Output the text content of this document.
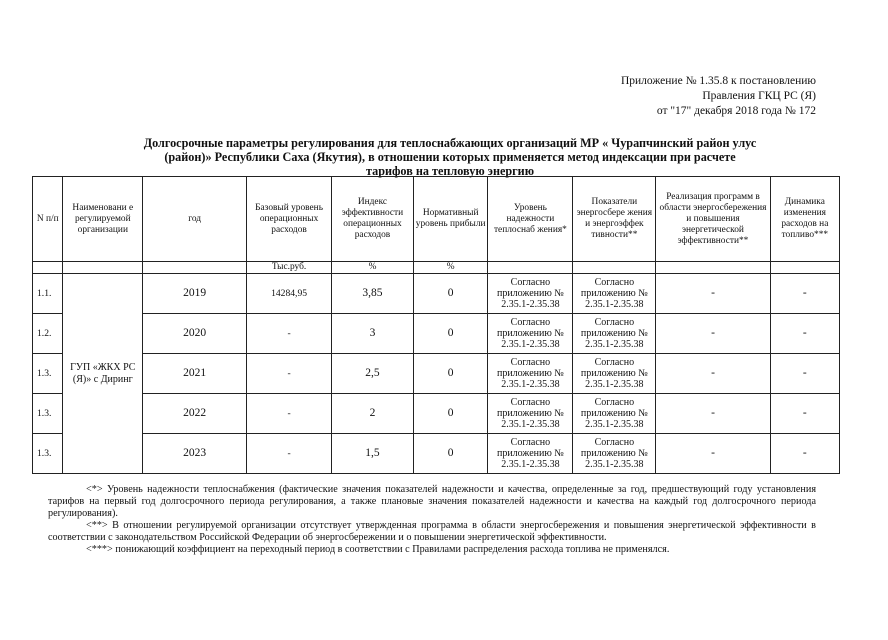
Приложение № 1.35.8 к постановлению
Правления ГКЦ РС (Я)
от "17" декабря 2018 года № 172
Долгосрочные параметры регулирования для теплоснабжающих организаций МР « Чурапчинский район улус
(район)» Республики Саха (Якутия), в отношении которых применяется метод индексации при расчете
тарифов на тепловую энергию
N п/п	Наименовани е регулируемой организации	год	Базовый уровень операционных расходов	Индекс эффективности операционных расходов	Нормативный уровень прибыли	Уровень надежности теплоснаб жения*	Показатели энергосбере жения и энергоэффек тивности**	Реализация программ в области энергосбережения и повышения энергетической эффективности**	Динамика изменения расходов на топливо***
			Тыс.руб.	%	%				
1.1.	ГУП «ЖКХ РС (Я)» с Диринг	2019	14284,95	3,85	0	Согласно приложению № 2.35.1-2.35.38	Согласно приложению № 2.35.1-2.35.38	-	-
1.2.		2020	-	3	0	Согласно приложению № 2.35.1-2.35.38	Согласно приложению № 2.35.1-2.35.38	-	-
1.3.		2021	-	2,5	0	Согласно приложению № 2.35.1-2.35.38	Согласно приложению № 2.35.1-2.35.38	-	-
1.3.		2022	-	2	0	Согласно приложению № 2.35.1-2.35.38	Согласно приложению № 2.35.1-2.35.38	-	-
1.3.		2023	-	1,5	0	Согласно приложению № 2.35.1-2.35.38	Согласно приложению № 2.35.1-2.35.38	-	-

<*> Уровень надежности теплоснабжения (фактические значения показателей надежности и качества, определенные за год, предшествующий году установления тарифов на первый год долгосрочного периода регулирования, а также плановые значения показателей надежности и качества на каждый год долгосрочного периода регулирования).

<**> В отношении регулируемой организации отсутствует утвержденная программа в области энергосбережения и повышения энергетической эффективности в соответствии с законодательством Российской Федерации об энергосбережении и о повышении энергетической эффективности.

<***> понижающий коэффициент на переходный период в соответствии с Правилами распределения расхода топлива не применялся.
